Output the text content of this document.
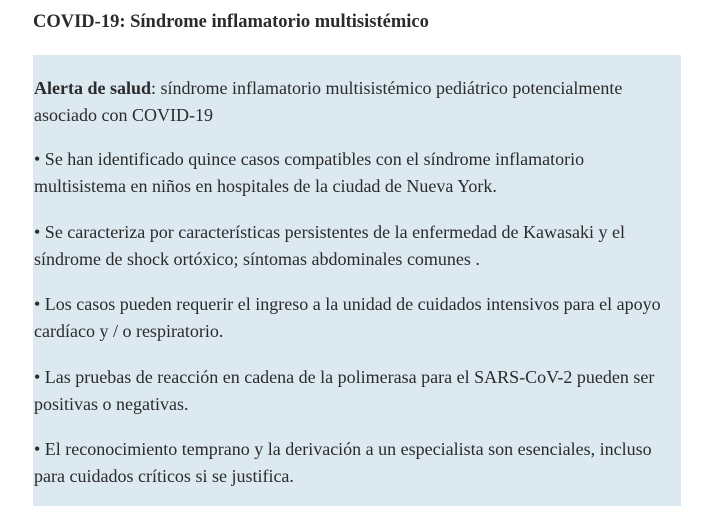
COVID-19: Síndrome inflamatorio multisistémico

Alerta de salud: síndrome inflamatorio multisistémico pediátrico potencialmente asociado con COVID-19

• Se han identificado quince casos compatibles con el síndrome inflamatorio multisistema en niños en hospitales de la ciudad de Nueva York.

• Se caracteriza por características persistentes de la enfermedad de Kawasaki y el síndrome de shock ortóxico; síntomas abdominales comunes .

• Los casos pueden requerir el ingreso a la unidad de cuidados intensivos para el apoyo cardíaco y / o respiratorio.

• Las pruebas de reacción en cadena de la polimerasa para el SARS-CoV-2 pueden ser positivas o negativas.

• El reconocimiento temprano y la derivación a un especialista son esenciales, incluso para cuidados críticos si se justifica.
